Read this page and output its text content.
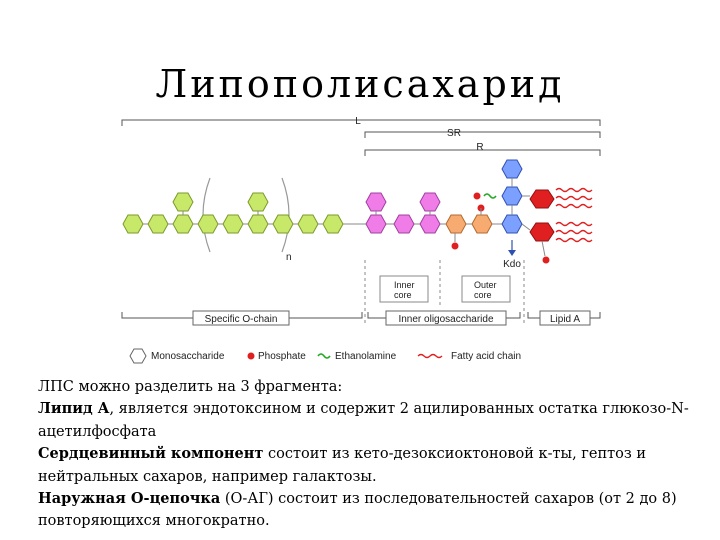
Липополисахарид
L
SR
R
n
Kdo
Inner
core
Outer
core
Specific O-chain	Inner oligosaccharide	Lipid A
Monosaccharide	Phosphate	Ethanolamine	Fatty acid chain

ЛПС можно разделить на 3 фрагмента:

Липид А, является эндотоксином и содержит 2 ацилированных остатка глюкозо-N-ацетилфосфата

Сердцевинный компонент состоит из кето-дезоксиоктоновой к-ты, гептоз и нейтральных сахаров, например галактозы.

Наружная О-цепочка (О-АГ) состоит из последовательностей сахаров (от 2 до 8) повторяющихся многократно.
